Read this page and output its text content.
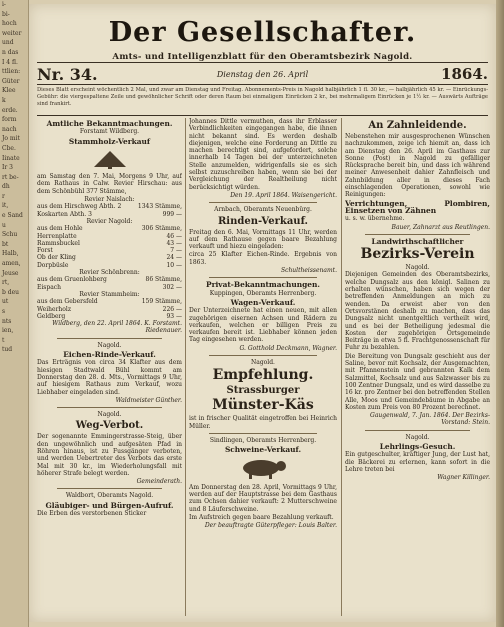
i-
bi-
hoch
weiter
und
n das
I 4 fl.
ttlien:
Güter
Klee
k
erde.
form
nach
Jo mit
Cbe.
Iinate
Ir 3
rt be-
dh
r
it,
e Sand
u
Schu
bt
Halb,
amen,
Jeuse
rt,
b deu
ut
s
nts
ien,
t
tud
Der Gesellschafter.
Amts- und Intelligenzblatt für den Oberamtsbezirk Nagold.
Nr. 34.	Dienstag den 26. April	1864.
Dieses Blatt erscheint wöchentlich 2 Mal, und zwar am Dienstag und Freitag. Abonnements-Preis in Nagold halbjährlich 1 fl. 30 kr., — halbjährlich 45 kr. — Einrückungs-Gebühr: die viergespaltene Zeile und gewöhnlicher Schrift oder deren Raum bei einmaligem Einrücken 2 kr., bei mehrmaligem Einrücken je 1½ kr. — Auswärts Aufträge sind frankirt.
Amtliche Bekanntmachungen.
Forstamt Wildberg.
Stammholz-Verkauf

am Samstag den 7. Mai, Morgens 9 Uhr, auf dem Rathaus in Calw. Revier Hirschau: aus dem Schönbühl 377 Stämme,

Revier Naislach:
aus dem Hirschweg Abth. 2	1343 Stämme,
Koskarten Abth. 3	999 —
Revier Nagold:
aus dem Hohle	306 Stämme,
Herrenplatte	46 —
Rammsbuckel	43 —
Forst	7 —
Ob der Kling	24 —
Dorpbüsle	10 —
Revier Schönbrenn:
aus dem Gruenlohberg	86 Stämme,
Eispach	302 —
Revier Stammheim:
aus dem Gebersfeld	159 Stämme,
Weiherholz	226 —
Geldberg	93 —
Wildberg, den 22. April 1864. K. Forstamt. Riedenauer.
Nagold.
Eichen-Rinde-Verkauf.

Das Erträgnis von circa 34 Klafter aus dem hiesigen Stadtwald Bühl kommt am Donnerstag den 28. d. Mts., Vormittags 9 Uhr, auf hiesigem Rathaus zum Verkauf, wozu Liebhaber eingeladen sind.

Waldmeister Günther.
Nagold.
Weg-Verbot.

Der sogenannte Emmingerstrasse-Steig, über den ungewöhnlich und aufgesäten Pfad in Röhren hinaus, ist zu Fussgänger verboten, und werden Uebertreter des Verbots das erste Mal mit 30 kr., im Wiederholungsfall mit höherer Strafe belegt werden.

Gemeinderath.
Waldbort, Oberamts Nagold.
Gläubiger- und Bürgen-Aufruf.

Die Erben des verstorbenen Sticker

Johannes Dittle vermuthen, dass ihr Erblasser Verbindlichkeiten eingegangen habe, die ihnen nicht bekannt sind. Es werden deshalb diejenigen, welche eine Forderung an Dittle zu machen berechtigt sind, aufgefordert, solche innerhalb 14 Tagen bei der unterzeichneten Stelle anzumelden, widrigenfalls sie es sich selbst zuzuschreiben haben, wenn sie bei der Vergleichung der Realtheilung nicht berücksichtigt würden.

Den 19. April 1864. Waisengericht.
Arnbach, Oberamts Neuenbürg.
Rinden-Verkauf.

Freitag den 6. Mai, Vormittags 11 Uhr, werden auf dem Rathause gegen baare Bezahlung verkauft und hiezu eingeladen:

circa 25 Klafter Eichen-Rinde. Ergebnis von 1863.

Schultheissenamt.
Privat-Bekanntmachungen.
Kuppingen, Oberamts Herrenberg.
Wagen-Verkauf.

Der Unterzeichnete hat einen neuen, mit allen zugehörigen eisernen Achsen und Rädern zu verkaufen, welchen er billigen Preis zu verkaufen bereit ist. Liebhaber können jeden Tag eingesehen werden.

G. Gotthold Deckmann, Wagner.
Nagold.
Empfehlung.
Strassburger
Münster-Käs

ist in frischer Qualität eingetroffen bei Heinrich Müller.

Sindlingen, Oberamts Herrenberg.
Schweine-Verkauf.

Am Donnerstag den 28. April, Vormittags 9 Uhr, werden auf der Hauptstrasse bei dem Gasthaus zum Ochsen dahier verkauft: 2 Mutterschweine und 8 Läuferschweine.

Im Aufstreich gegen baare Bezahlung verkauft.

Der beauftragte Güterpfleger: Louis Balter.
An Zahnleidende.

Nebenstehen mir ausgesprochenen Wünschen nachzukommen, zeige ich hiemit an, dass ich am Dienstag den 26. April im Gasthaus zur Sonne (Post) in Nagold zu gefälliger Rücksprache bereit bin, und dass ich während meiner Anwesenheit dahier Zahnfleisch und Zahnbildung aller in dieses Fach einschlagenden Operationen, sowohl wie Reinigungen:

Verrichtungen, Plombiren, Einsetzen von Zähnen

u. s. w. übernehme.

Bauer, Zahnarzt aus Reutlingen.
Landwirthschaftlicher
Bezirks-Verein
Nagold.

Diejenigen Gemeinden des Oberamtsbezirks, welche Dungsalz aus den königl. Salinen zu erhalten wünschen, haben sich wegen der betreffenden Anmeldungen an mich zu wenden. Da erweist aber von den Ortsvorstänen deshalb zu machen, dass das Dungsalz nicht unentgeltlich vertheilt wird, und es bei der Betheiligung jedesmal die Kosten der zugehörigen Ortsgemeinde Beiträge in etwa 5 fl. Frachtgenossenschaft für Fuhr zu bezahlen.

Die Bereitung von Dungsalz geschieht aus der Saline, bevor mit Kochsalz, der Ausgemachten, mit Pfannenstein und gebrannten Kalk dem Salzmittel, Kochsalz und aus Salzwasser bis zu 100 Zentner Dungsalz, und es wird dasselbe zu 16 kr. pro Zentner bei den betreffenden Stellen Alle, Moos und Gemeindebäume in Abgabe an Kosten zum Preis von 80 Prozent berechnet.

Gaugenwald, 7. Jan. 1864. Der Bezirks-Vorstand: Stein.
Nagold.
Lehrlings-Gesuch.

Ein gutgeschulter, kräftiger Jung, der Lust hat, die Bäckerei zu erlernen, kann sofort in die Lehre treten bei

Wagner Killinger.
